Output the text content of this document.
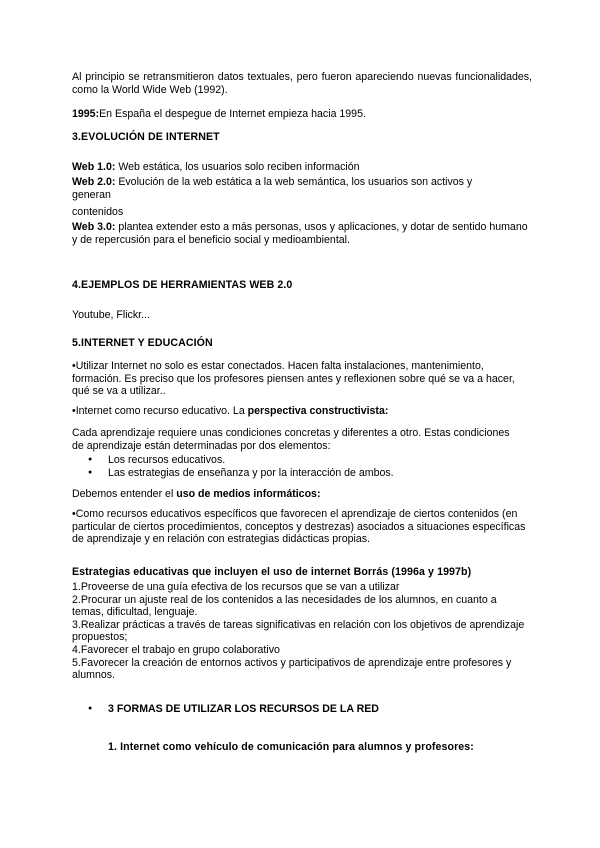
Al principio se retransmitieron datos textuales, pero fueron apareciendo nuevas funcionalidades, como la World Wide Web (1992).
1995:En España el despegue de Internet empieza hacia 1995.
3.EVOLUCIÓN DE INTERNET
Web 1.0: Web estática, los usuarios solo reciben información
Web 2.0: Evolución de la web estática a la web semántica, los usuarios son activos y generan
contenidos
Web 3.0: plantea extender esto a más personas, usos y aplicaciones, y dotar de sentido humano y de repercusión para el beneficio social y medioambiental.
4.EJEMPLOS DE HERRAMIENTAS WEB 2.0
Youtube, Flickr...
5.INTERNET Y EDUCACIÓN
•Utilizar Internet no solo es estar conectados. Hacen falta instalaciones, mantenimiento, formación. Es preciso que los profesores piensen antes y reflexionen sobre qué se va a hacer, qué se va a utilizar..
•Internet como recurso educativo. La perspectiva constructivista:
Cada aprendizaje requiere unas condiciones concretas y diferentes a otro. Estas condiciones de aprendizaje están determinadas por dos elementos:
● Los recursos educativos.
● Las estrategias de enseñanza y por la interacción de ambos.
Debemos entender el uso de medios informáticos:
•Como recursos educativos específicos que favorecen el aprendizaje de ciertos contenidos (en particular de ciertos procedimientos, conceptos y destrezas) asociados a situaciones específicas de aprendizaje y en relación con estrategias didácticas propias.
Estrategias educativas que incluyen el uso de internet Borrás (1996a y 1997b)
1.Proveerse de una guía efectiva de los recursos que se van a utilizar
2.Procurar un ajuste real de los contenidos a las necesidades de los alumnos, en cuanto a temas, dificultad, lenguaje.
3.Realizar prácticas a través de tareas significativas en relación con los objetivos de aprendizaje propuestos;
4.Favorecer el trabajo en grupo colaborativo
5.Favorecer la creación de entornos activos y participativos de aprendizaje entre profesores y alumnos.
● 3 FORMAS DE UTILIZAR LOS RECURSOS DE LA RED
1. Internet como vehículo de comunicación para alumnos y profesores:
